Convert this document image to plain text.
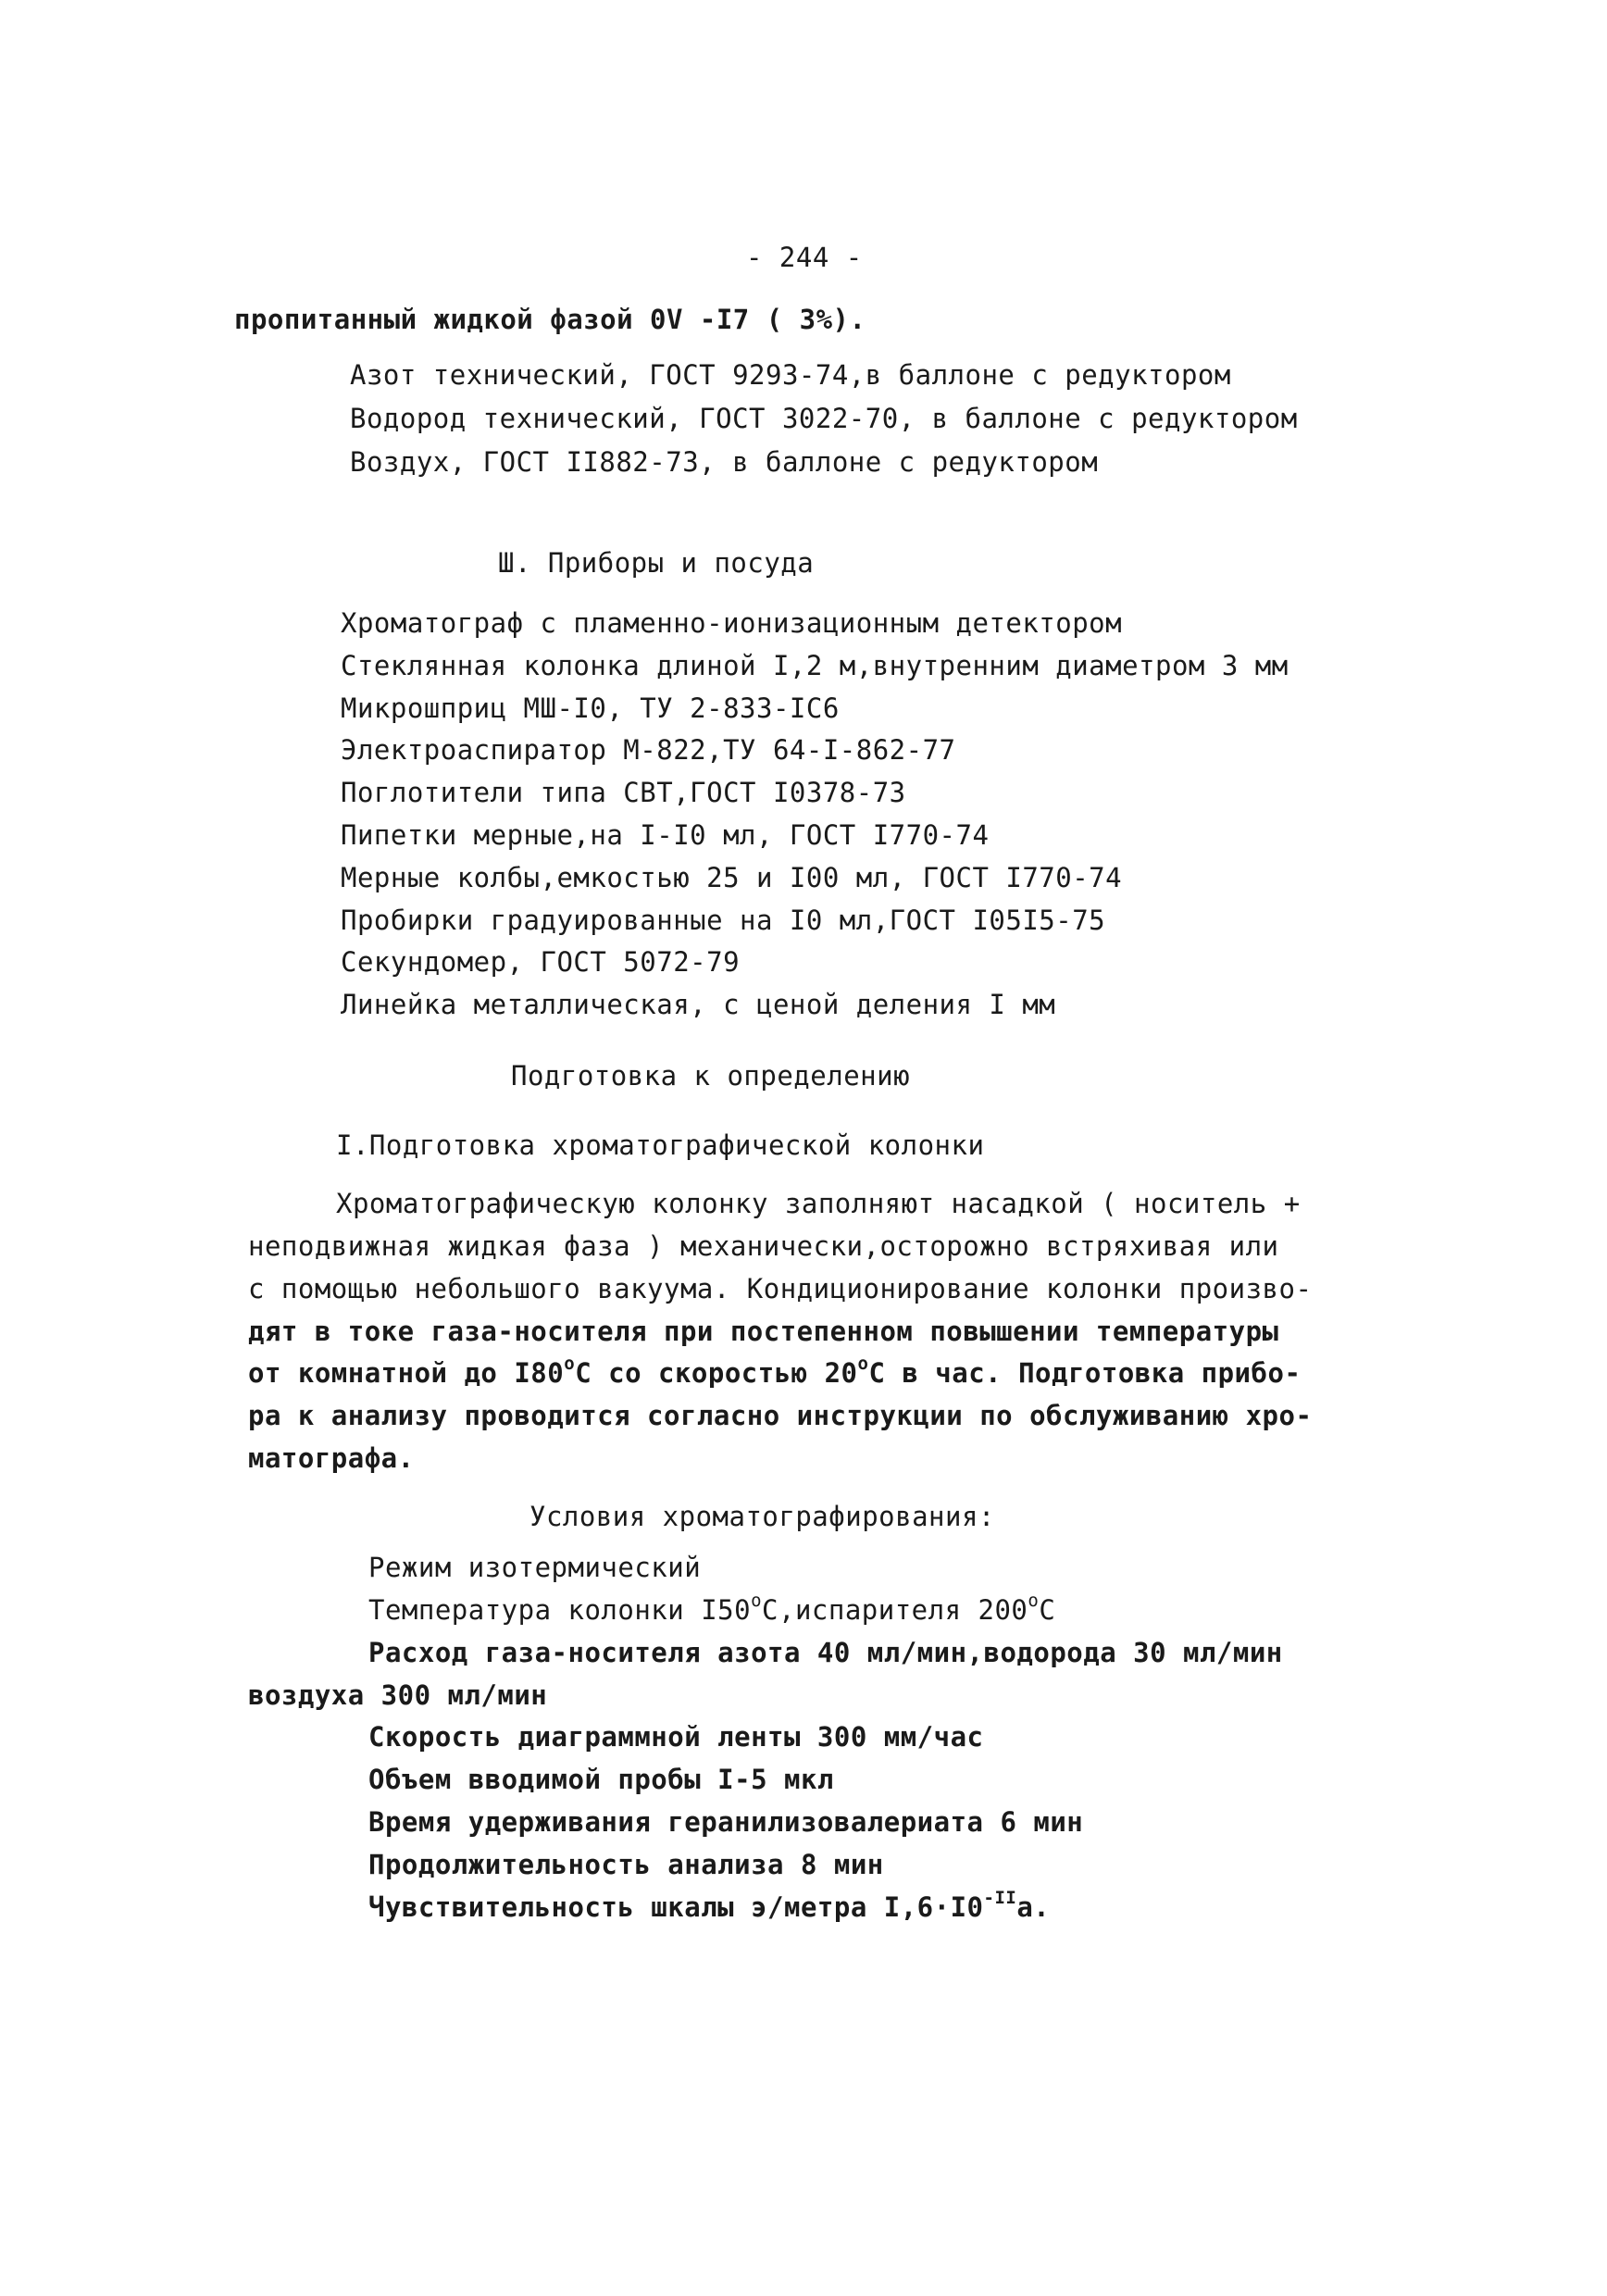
- 244 -
пропитанный жидкой фазой 0V -I7 ( 3%).
Азот технический, ГОСТ 9293-74,в баллоне с редуктором
Водород технический, ГОСТ 3022-70, в баллоне с редуктором
Воздух, ГОСТ II882-73, в баллоне с редуктором
Ш. Приборы и посуда
Хроматограф с пламенно-ионизационным детектором
Стеклянная колонка длиной I,2 м,внутренним диаметром 3 мм
Микрошприц МШ-I0, ТУ 2-833-IС6
Электроаспиратор М-822,ТУ 64-I-862-77
Поглотители типа СВТ,ГОСТ I0378-73
Пипетки мерные,на I-I0 мл, ГОСТ I770-74
Мерные колбы,емкостью 25 и I00 мл, ГОСТ I770-74
Пробирки градуированные на I0 мл,ГОСТ I05I5-75
Секундомер, ГОСТ 5072-79
Линейка металлическая, с ценой деления I мм
Подготовка к определению
I.Подготовка хроматографической колонки
Хроматографическую колонку заполняют насадкой ( носитель +
неподвижная жидкая фаза ) механически,осторожно встряхивая или
с помощью небольшого вакуума. Кондиционирование колонки произво-
дят в токе газа-носителя при постепенном повышении температуры
от комнатной до $I80^оС$ со скоростью $20^оС$ в час. Подготовка прибо-
ра к анализу проводится согласно инструкции по обслуживанию хро-
матографа.
Условия хроматографирования:
Режим изотермический
Температура колонки $I50^оС,испарителя$ $200^оС$
Расход газа-носителя азота 40 мл/мин,водорода 30 мл/мин
воздуха 300 мл/мин
Скорость диаграммной ленты 300 мм/час
Объем вводимой пробы I-5 мкл
Время удерживания геранилизовалериата 6 мин
Продолжительность анализа 8 мин
Чувствительность шкалы э/метра $I,6\cdot I0^{-II}а$.
